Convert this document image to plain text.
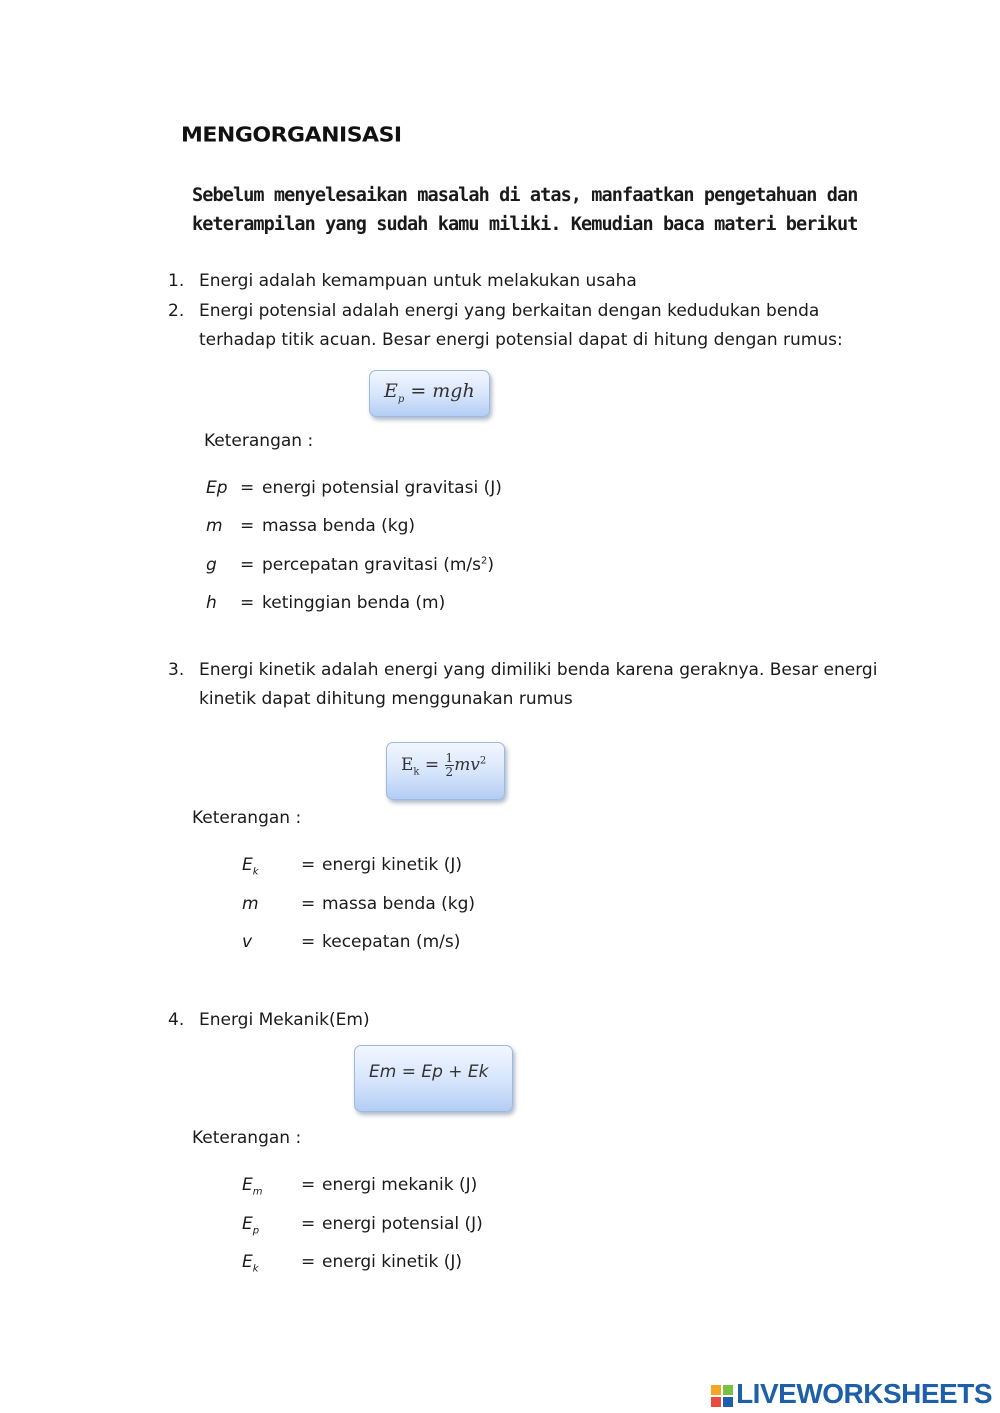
MENGORGANISASI
Sebelum menyelesaikan masalah di atas, manfaatkan pengetahuan dan keterampilan yang sudah kamu miliki. Kemudian baca materi berikut
1. Energi adalah kemampuan untuk melakukan usaha
2. Energi potensial adalah energi yang berkaitan dengan kedudukan benda
terhadap titik acuan. Besar energi potensial dapat di hitung dengan rumus:
$E_p$ = mgh
Keterangan :
Ep = energi potensial gravitasi (J)
m = massa benda (kg)
g = percepatan gravitasi $(m/s^2)$
h = ketinggian benda (m)
3. Energi kinetik adalah energi yang dimiliki benda karena geraknya. Besar energi
kinetik dapat dihitung menggunakan rumus
$E_k = \frac{1}{2} mv^2$
Keterangan :
$E_k$ = energi kinetik (J)
m = massa benda (kg)
v	= kecepatan (m/s)
4. Energi Mekanik(Em)
Em = Ep + Ek
Keterangan :
$E_m$ = energi mekanik (J)
$E_p$ = energi potensial (J)
$E_k$ = energi kinetik (J)
LIVEWORKSHEETS
